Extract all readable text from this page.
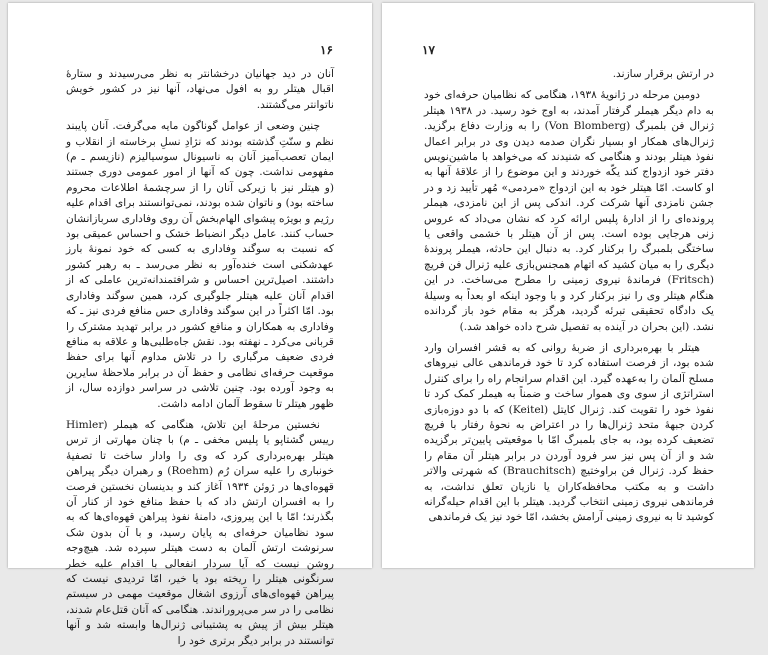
۱۶

آنان در دید جهانیان درخشانتر به نظر می‌رسیدند و ستارهٔ اقبال هیتلر رو به افول می‌نهاد، آنها نیز در کشور خویش ناتوانتر می‌گشتند.

چنین وضعی از عوامل گوناگون مایه می‌گرفت. آنان پایبند نظم و سنّتِ گذشته بودند که نژادِ نسلِ برخاسته از انقلاب و ایمان تعصب‌آمیز آنان به ناسیونال سوسیالیزم (نازیسم ـ م) مفهومی نداشت. چون که آنها از امور عمومی دوری جستند (و هیتلر نیز با زیرکی آنان را از سرچشمهٔ اطلاعات محروم ساخته بود) و ناتوان شده بودند، نمی‌توانستند برای اقدام علیه رژیم و بویژه پیشوای الهام‌بخش آن روی وفاداری سربازانشان حساب کنند. عامل دیگر انضباط خشک و احساس عمیقی بود که نسبت به سوگند وفاداری به کسی که خود نمونهٔ بارز عهدشکنی است خنده‌آور به نظر می‌رسد ـ به رهبر کشور داشتند. اصیل‌ترین احساس و شرافتمندانه‌ترین عاملی که از اقدام آنان علیه هیتلر جلوگیری کرد، همین سوگند وفاداری بود. امّا اکثراً در این سوگند وفاداری حس منافع فردی نیز ـ که وفاداری به همکاران و منافع کشور در برابر تهدید مشترک را قربانی می‌کرد ـ نهفته بود. نقش جاه‌طلبی‌ها و علاقه به منافع فردی ضعیف مرگباری را در تلاش مداوم آنها برای حفظ موقعیت حرفه‌ای نظامی و حفظ آن در برابر ملاحظهٔ سایرین به وجود آورده بود. چنین تلاشی در سراسر دوازده سال، از ظهور هیتلر تا سقوط آلمان ادامه داشت.

نخستین مرحلهٔ این تلاش، هنگامی که هیملر (Himler رییس گشتاپو یا پلیس مخفی ـ م) با چنان مهارتی از ترس هیتلر بهره‌برداری کرد که وی را وادار ساخت تا تصفیهٔ خونباری را علیه سران رُم (Roehm) و رهبران دیگر پیراهن قهوه‌ای‌ها در ژوئن ۱۹۳۴ آغاز کند و بدینسان نخستین فرصت را به افسران ارتش داد که با حفظ منافع خود از کنار آن بگذرند؛ امّا با این پیروزی، دامنهٔ نفوذ پیراهن قهوه‌ای‌ها که به سود نظامیان حرفه‌ای به پایان رسید، و با آن بدون شک سرنوشت ارتش آلمان به دست هیتلر سپرده شد. هیچ‌وجه روشن نیست که آیا سردار انفعالی با اقدام علیه خطر سرنگونی هیتلر را ریخته بود یا خیر، امّا تردیدی نیست که پیراهن قهوه‌ای‌های آرزوی اشغال موقعیت مهمی در سیستم نظامی را در سر می‌پروراندند. هنگامی که آنان قتل‌عام شدند، هیتلر بیش از پیش به پشتیبانی ژنرال‌ها وابسته شد و آنها توانستند در برابر دیگر برتری خود را

۱۷

در ارتش برقرار سازند.

دومین مرحله در ژانویهٔ ۱۹۳۸، هنگامی که نظامیان حرفه‌ای خود به دام دیگر هیملر گرفتار آمدند، به اوج خود رسید. در ۱۹۳۸ هیتلر ژنرال فن بلمبرگ (Von Blomberg) را به وزارت دفاع برگزید. ژنرال‌های همکار او بسیار نگران صدمه دیدن وی در برابر اعمال نفوذ هیتلر بودند و هنگامی که شنیدند که می‌خواهد با ماشین‌نویس دفتر خود ازدواج کند یکّه خوردند و این موضوع را از علاقهٔ آنها به او کاست. امّا هیتلر خود به این ازدواج «مردمی» مُهر تأیید زد و در جشن نامزدی آنها شرکت کرد. اندکی پس از این نامزدی، هیملر پرونده‌ای را از ادارهٔ پلیس ارائه کرد که نشان می‌داد که عروس زنی هرجایی بوده است. پس از آن هیتلر با خشمی واقعی یا ساختگی بلمبرگ را برکنار کرد. به دنبال این حادثه، هیملر پروندهٔ دیگری را به میان کشید که اتهام همجنس‌بازی علیه ژنرال فن فریچ (Fritsch) فرماندهٔ نیروی زمینی را مطرح می‌ساخت. در این هنگام هیتلر وی را نیز برکنار کرد و با وجود اینکه او بعداً به وسیلهٔ یک دادگاه تحقیقی تبرئه گردید، هرگز به مقام خود باز گردانده نشد. (این بحران در آینده به تفصیل شرح داده خواهد شد.)

هیتلر با بهره‌برداری از ضربهٔ روانی که به قشر افسران وارد شده بود، از فرصت استفاده کرد تا خود فرماندهی عالی نیروهای مسلح آلمان را به‌عهده گیرد. این اقدام سرانجام راه را برای کنترل استراتژی از سوی وی هموار ساخت و ضمناً به هیملر کمک کرد تا نفوذ خود را تقویت کند. ژنرال کایتل (Keitel) که با دو دوزه‌بازی کردن جبههٔ متحد ژنرال‌ها را در اعتراض به نحوهٔ رفتار با فریچ تضعیف کرده بود، به جای بلمبرگ امّا با موقعیتی پایین‌تر برگزیده شد و از آن پس نیز سر فرود آوردن در برابر هیتلر آن مقام را حفظ کرد. ژنرال فن براوختیچ (Brauchitsch) که شهرتی والاتر داشت و به مکتب محافظه‌کاران یا نازیان تعلق نداشت، به فرماندهی نیروی زمینی انتخاب گردید. هیتلر با این اقدام حیله‌گرانه کوشید تا به نیروی زمینی آرامش بخشد، امّا خود نیز یک فرماندهی
